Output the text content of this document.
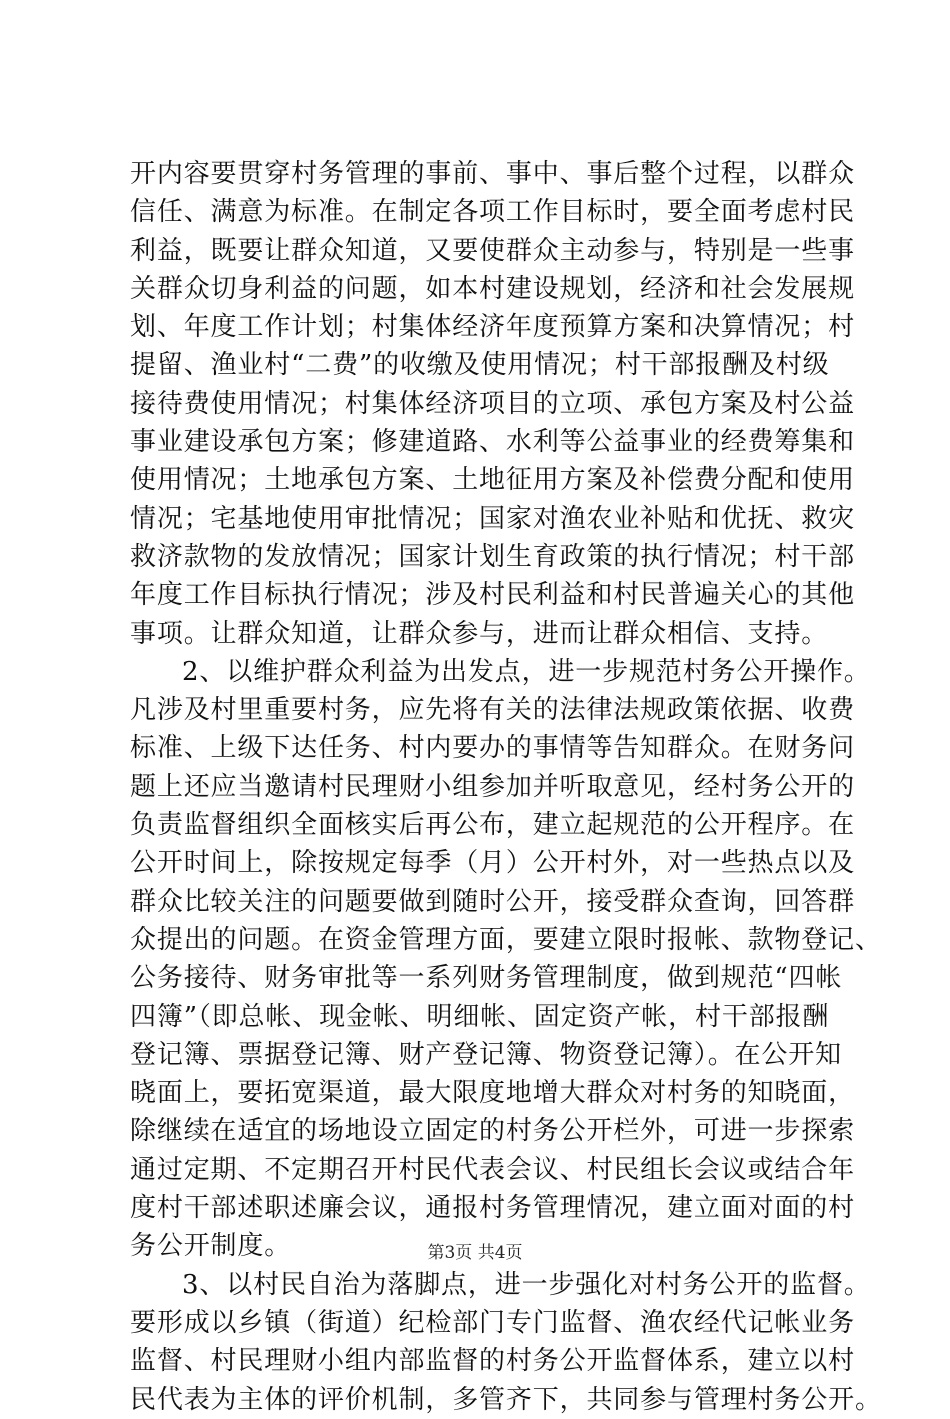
开内容要贯穿村务管理的事前、事中、事后整个过程，以群众
信任、满意为标准。在制定各项工作目标时，要全面考虑村民
利益，既要让群众知道，又要使群众主动参与，特别是一些事
关群众切身利益的问题，如本村建设规划，经济和社会发展规
划、年度工作计划；村集体经济年度预算方案和决算情况；村
提留、渔业村“二费”的收缴及使用情况；村干部报酬及村级
接待费使用情况；村集体经济项目的立项、承包方案及村公益
事业建设承包方案；修建道路、水利等公益事业的经费筹集和
使用情况；土地承包方案、土地征用方案及补偿费分配和使用
情况；宅基地使用审批情况；国家对渔农业补贴和优抚、救灾
救济款物的发放情况；国家计划生育政策的执行情况；村干部
年度工作目标执行情况；涉及村民利益和村民普遍关心的其他
事项。让群众知道，让群众参与，进而让群众相信、支持。
2、以维护群众利益为出发点，进一步规范村务公开操作。
凡涉及村里重要村务，应先将有关的法律法规政策依据、收费
标准、上级下达任务、村内要办的事情等告知群众。在财务问
题上还应当邀请村民理财小组参加并听取意见，经村务公开的
负责监督组织全面核实后再公布，建立起规范的公开程序。在
公开时间上，除按规定每季（月）公开村外，对一些热点以及
群众比较关注的问题要做到随时公开，接受群众查询，回答群
众提出的问题。在资金管理方面，要建立限时报帐、款物登记、
公务接待、财务审批等一系列财务管理制度，做到规范“四帐
四簿”（即总帐、现金帐、明细帐、固定资产帐，村干部报酬
登记簿、票据登记簿、财产登记簿、物资登记簿）。在公开知
晓面上，要拓宽渠道，最大限度地增大群众对村务的知晓面，
除继续在适宜的场地设立固定的村务公开栏外，可进一步探索
通过定期、不定期召开村民代表会议、村民组长会议或结合年
度村干部述职述廉会议，通报村务管理情况，建立面对面的村
务公开制度。
3、以村民自治为落脚点，进一步强化对村务公开的监督。
要形成以乡镇（街道）纪检部门专门监督、渔农经代记帐业务
监督、村民理财小组内部监督的村务公开监督体系，建立以村
民代表为主体的评价机制，多管齐下，共同参与管理村务公开。
第3页 共4页
